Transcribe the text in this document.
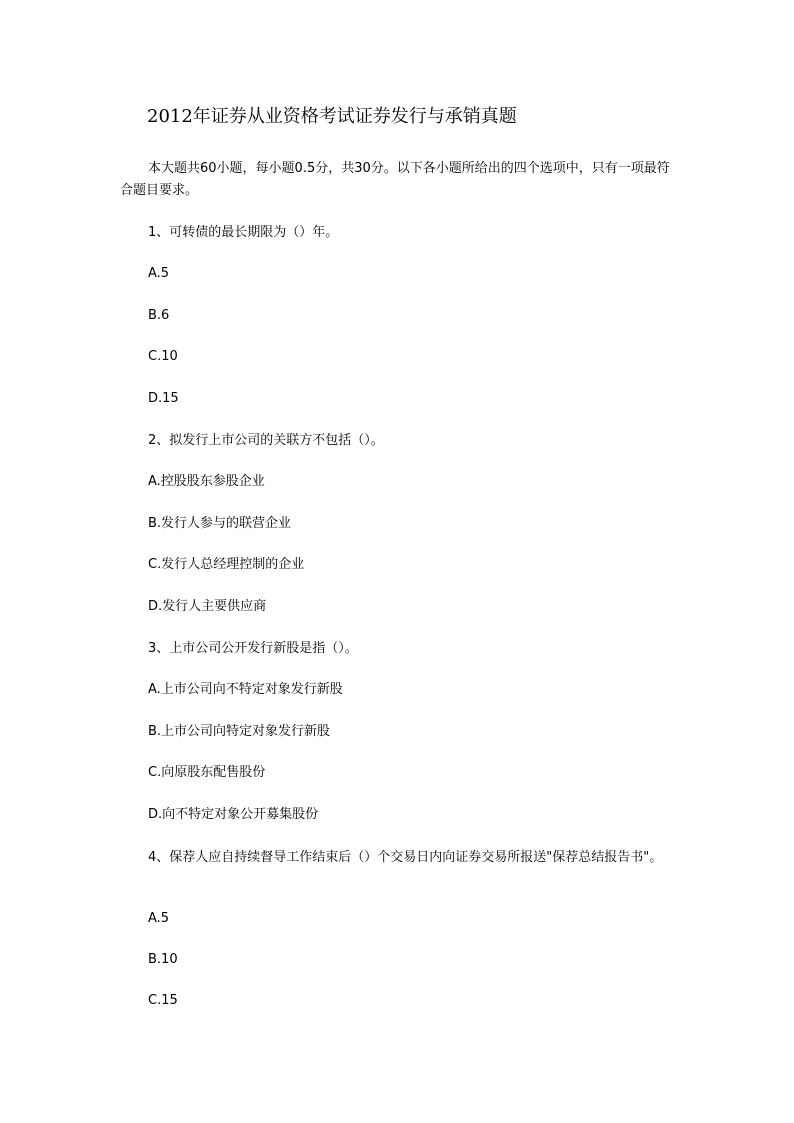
2012年证券从业资格考试证券发行与承销真题
本大题共60小题，每小题0.5分，共30分。以下各小题所给出的四个选项中，只有一项最符合题目要求。
1、可转债的最长期限为（）年。
A.5
B.6
C.10
D.15
2、拟发行上市公司的关联方不包括（）。
A.控股股东参股企业
B.发行人参与的联营企业
C.发行人总经理控制的企业
D.发行人主要供应商
3、上市公司公开发行新股是指（）。
A.上市公司向不特定对象发行新股
B.上市公司向特定对象发行新股
C.向原股东配售股份
D.向不特定对象公开募集股份
4、保荐人应自持续督导工作结束后（）个交易日内向证券交易所报送"保荐总结报告书"。
A.5
B.10
C.15
